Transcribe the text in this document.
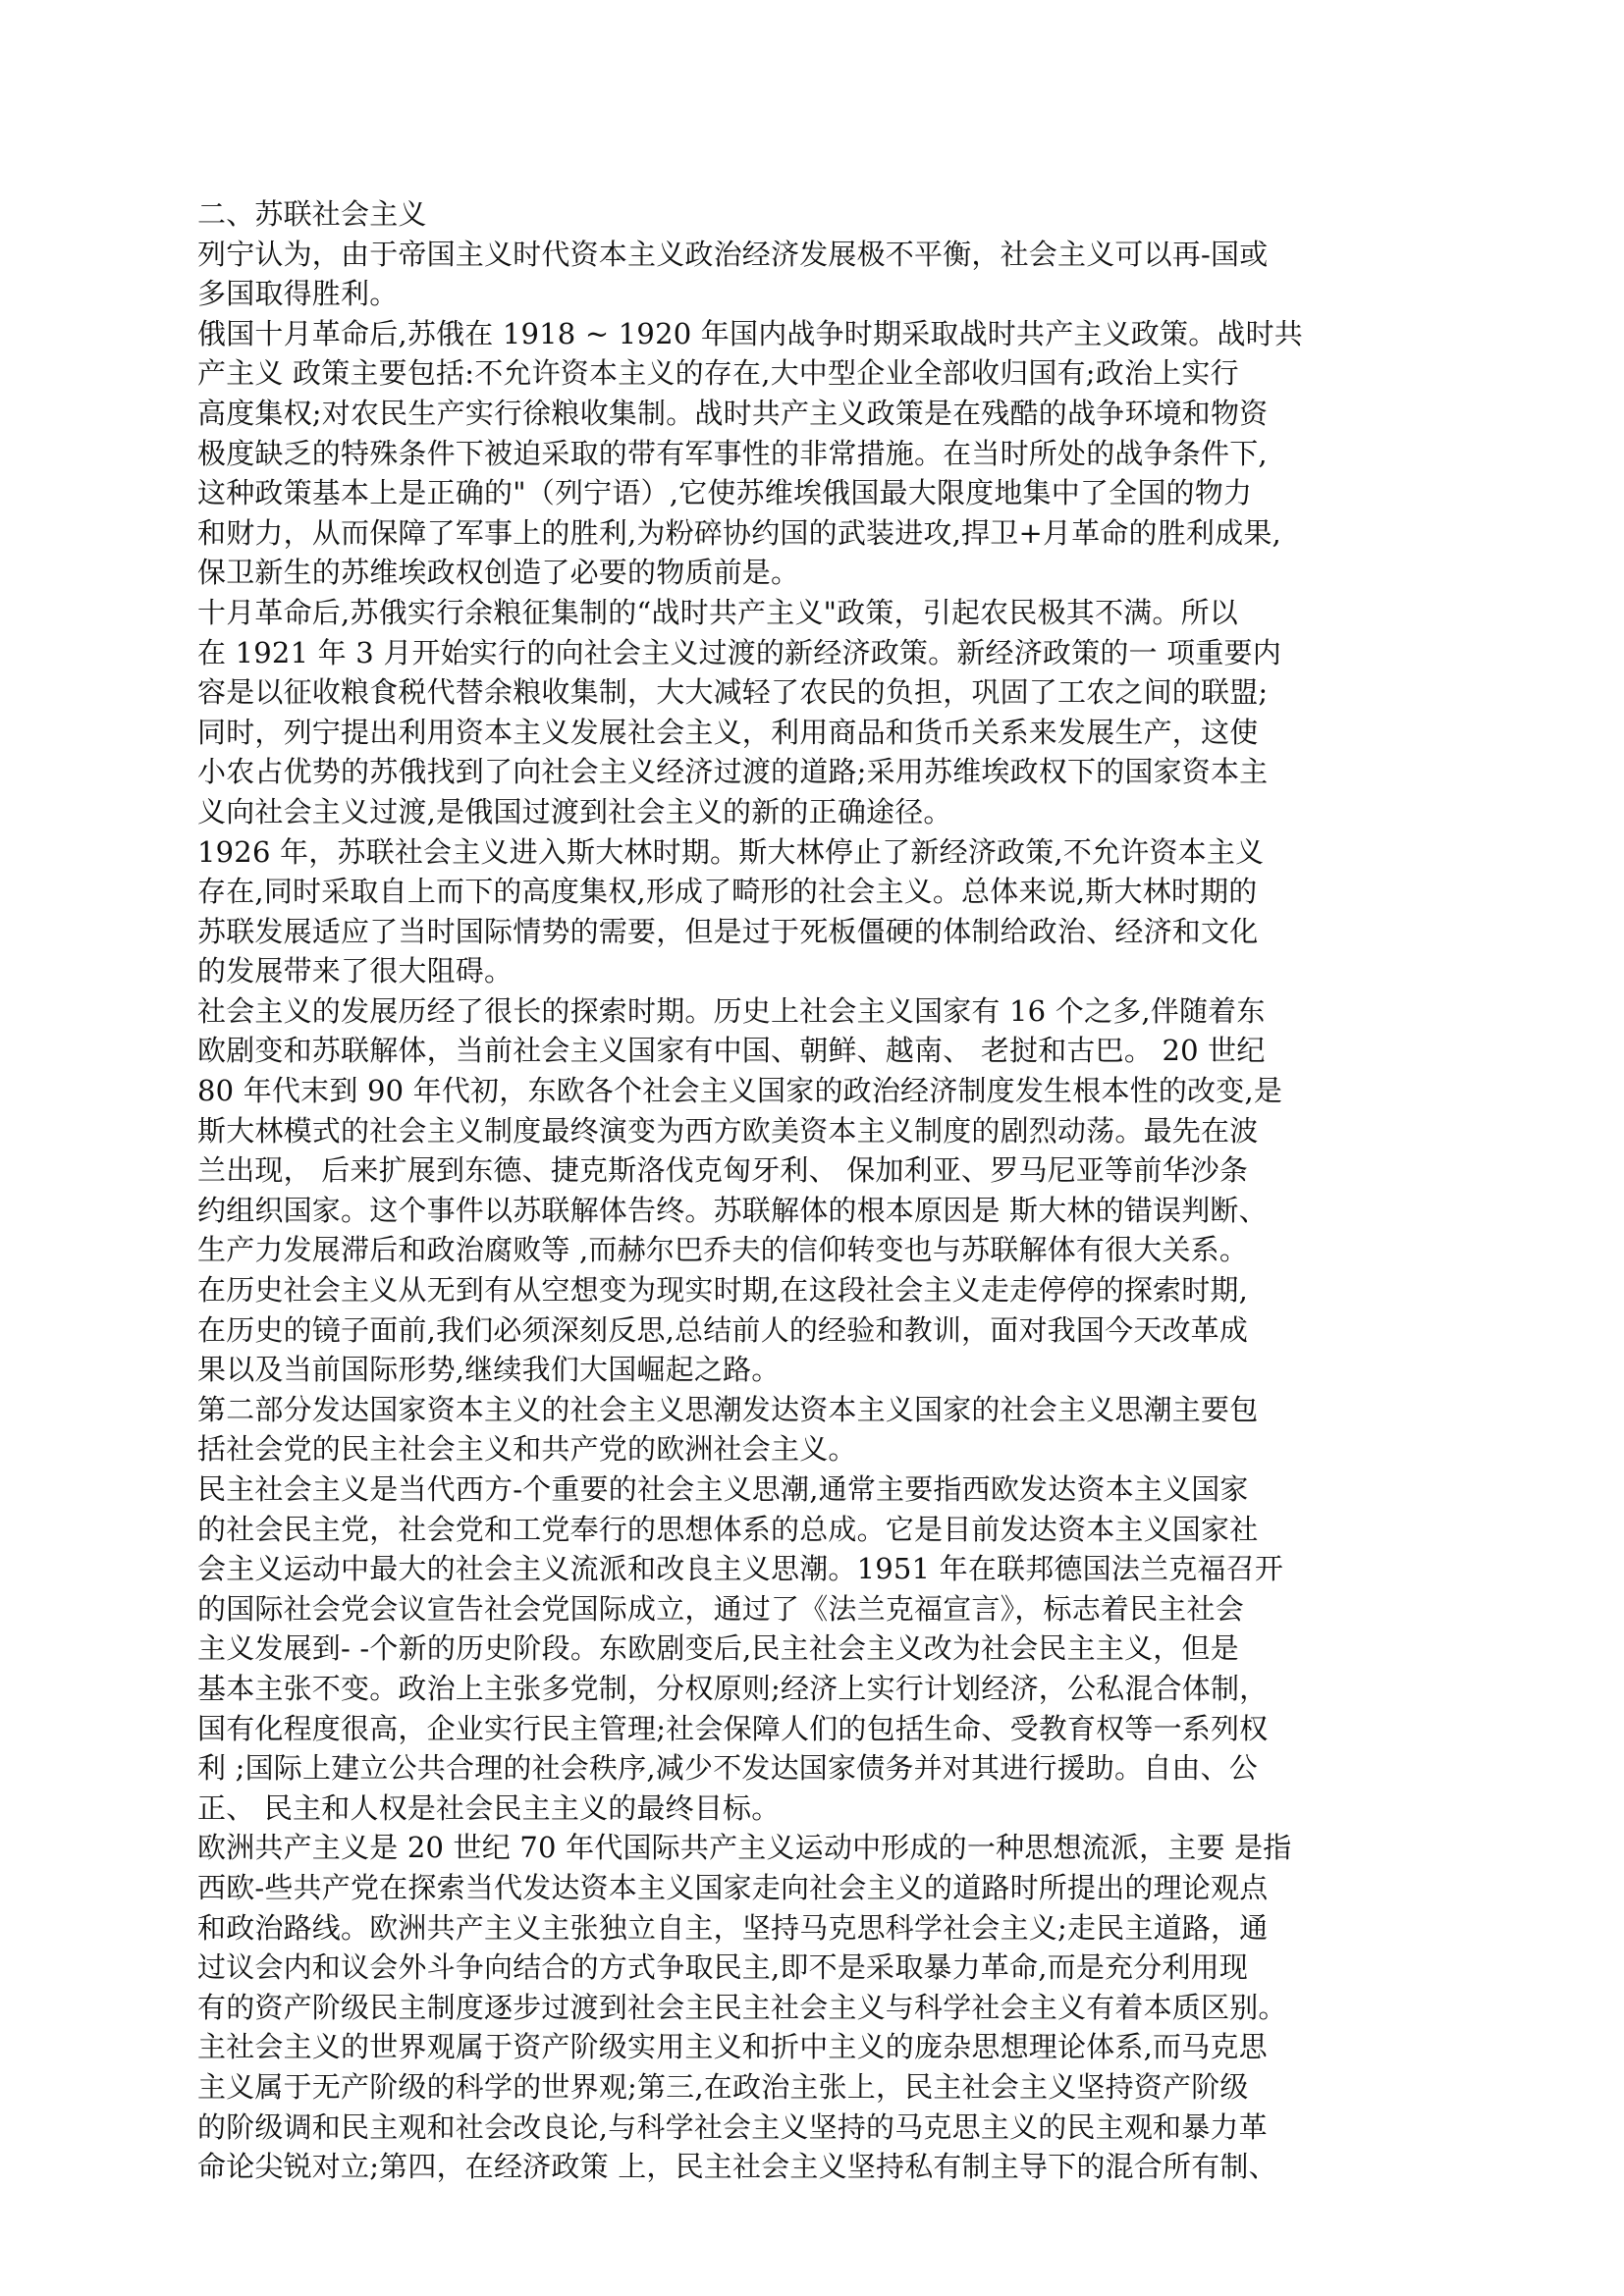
二、苏联社会主义
列宁认为，由于帝国主义时代资本主义政治经济发展极不平衡，社会主义可以再-国或
多国取得胜利。
俄国十月革命后,苏俄在 1918 ~ 1920 年国内战争时期采取战时共产主义政策。战时共
产主义 政策主要包括:不允许资本主义的存在,大中型企业全部收归国有;政治上实行
高度集权;对农民生产实行徐粮收集制。战时共产主义政策是在残酷的战争环境和物资
极度缺乏的特殊条件下被迫采取的带有军事性的非常措施。在当时所处的战争条件下,
这种政策基本上是正确的"（列宁语）,它使苏维埃俄国最大限度地集中了全国的物力
和财力，从而保障了军事上的胜利,为粉碎协约国的武装进攻,捍卫+月革命的胜利成果,
保卫新生的苏维埃政权创造了必要的物质前是。
十月革命后,苏俄实行余粮征集制的“战时共产主义"政策，引起农民极其不满。所以
在 1921 年 3 月开始实行的向社会主义过渡的新经济政策。新经济政策的一 项重要内
容是以征收粮食税代替余粮收集制，大大减轻了农民的负担，巩固了工农之间的联盟;
同时，列宁提出利用资本主义发展社会主义，利用商品和货币关系来发展生产，这使
小农占优势的苏俄找到了向社会主义经济过渡的道路;采用苏维埃政权下的国家资本主
义向社会主义过渡,是俄国过渡到社会主义的新的正确途径。
1926 年，苏联社会主义进入斯大林时期。斯大林停止了新经济政策,不允许资本主义
存在,同时采取自上而下的高度集权,形成了畸形的社会主义。总体来说,斯大林时期的
苏联发展适应了当时国际情势的需要，但是过于死板僵硬的体制给政治、经济和文化
的发展带来了很大阻碍。
社会主义的发展历经了很长的探索时期。历史上社会主义国家有 16 个之多,伴随着东
欧剧变和苏联解体，当前社会主义国家有中国、朝鲜、越南、 老挝和古巴。 20 世纪
80 年代末到 90 年代初，东欧各个社会主义国家的政治经济制度发生根本性的改变,是
斯大林模式的社会主义制度最终演变为西方欧美资本主义制度的剧烈动荡。最先在波
兰出现， 后来扩展到东德、捷克斯洛伐克匈牙利、 保加利亚、罗马尼亚等前华沙条
约组织国家。这个事件以苏联解体告终。苏联解体的根本原因是 斯大林的错误判断、
生产力发展滞后和政治腐败等 ,而赫尔巴乔夫的信仰转变也与苏联解体有很大关系。
在历史社会主义从无到有从空想变为现实时期,在这段社会主义走走停停的探索时期,
在历史的镜子面前,我们必须深刻反思,总结前人的经验和教训，面对我国今天改革成
果以及当前国际形势,继续我们大国崛起之路。
第二部分发达国家资本主义的社会主义思潮发达资本主义国家的社会主义思潮主要包
括社会党的民主社会主义和共产党的欧洲社会主义。
民主社会主义是当代西方-个重要的社会主义思潮,通常主要指西欧发达资本主义国家
的社会民主党，社会党和工党奉行的思想体系的总成。它是目前发达资本主义国家社
会主义运动中最大的社会主义流派和改良主义思潮。1951 年在联邦德国法兰克福召开
的国际社会党会议宣告社会党国际成立，通过了《法兰克福宣言》，标志着民主社会
主义发展到- -个新的历史阶段。东欧剧变后,民主社会主义改为社会民主主义，但是
基本主张不变。政治上主张多党制，分权原则;经济上实行计划经济，公私混合体制，
国有化程度很高，企业实行民主管理;社会保障人们的包括生命、受教育权等一系列权
利 ;国际上建立公共合理的社会秩序,减少不发达国家债务并对其进行援助。自由、公
正、 民主和人权是社会民主主义的最终目标。
欧洲共产主义是 20 世纪 70 年代国际共产主义运动中形成的一种思想流派，主要 是指
西欧-些共产党在探索当代发达资本主义国家走向社会主义的道路时所提出的理论观点
和政治路线。欧洲共产主义主张独立自主，坚持马克思科学社会主义;走民主道路，通
过议会内和议会外斗争向结合的方式争取民主,即不是采取暴力革命,而是充分利用现
有的资产阶级民主制度逐步过渡到社会主民主社会主义与科学社会主义有着本质区别。
主社会主义的世界观属于资产阶级实用主义和折中主义的庞杂思想理论体系,而马克思
主义属于无产阶级的科学的世界观;第三,在政治主张上，民主社会主义坚持资产阶级
的阶级调和民主观和社会改良论,与科学社会主义坚持的马克思主义的民主观和暴力革
命论尖锐对立;第四，在经济政策 上，民主社会主义坚持私有制主导下的混合所有制、
